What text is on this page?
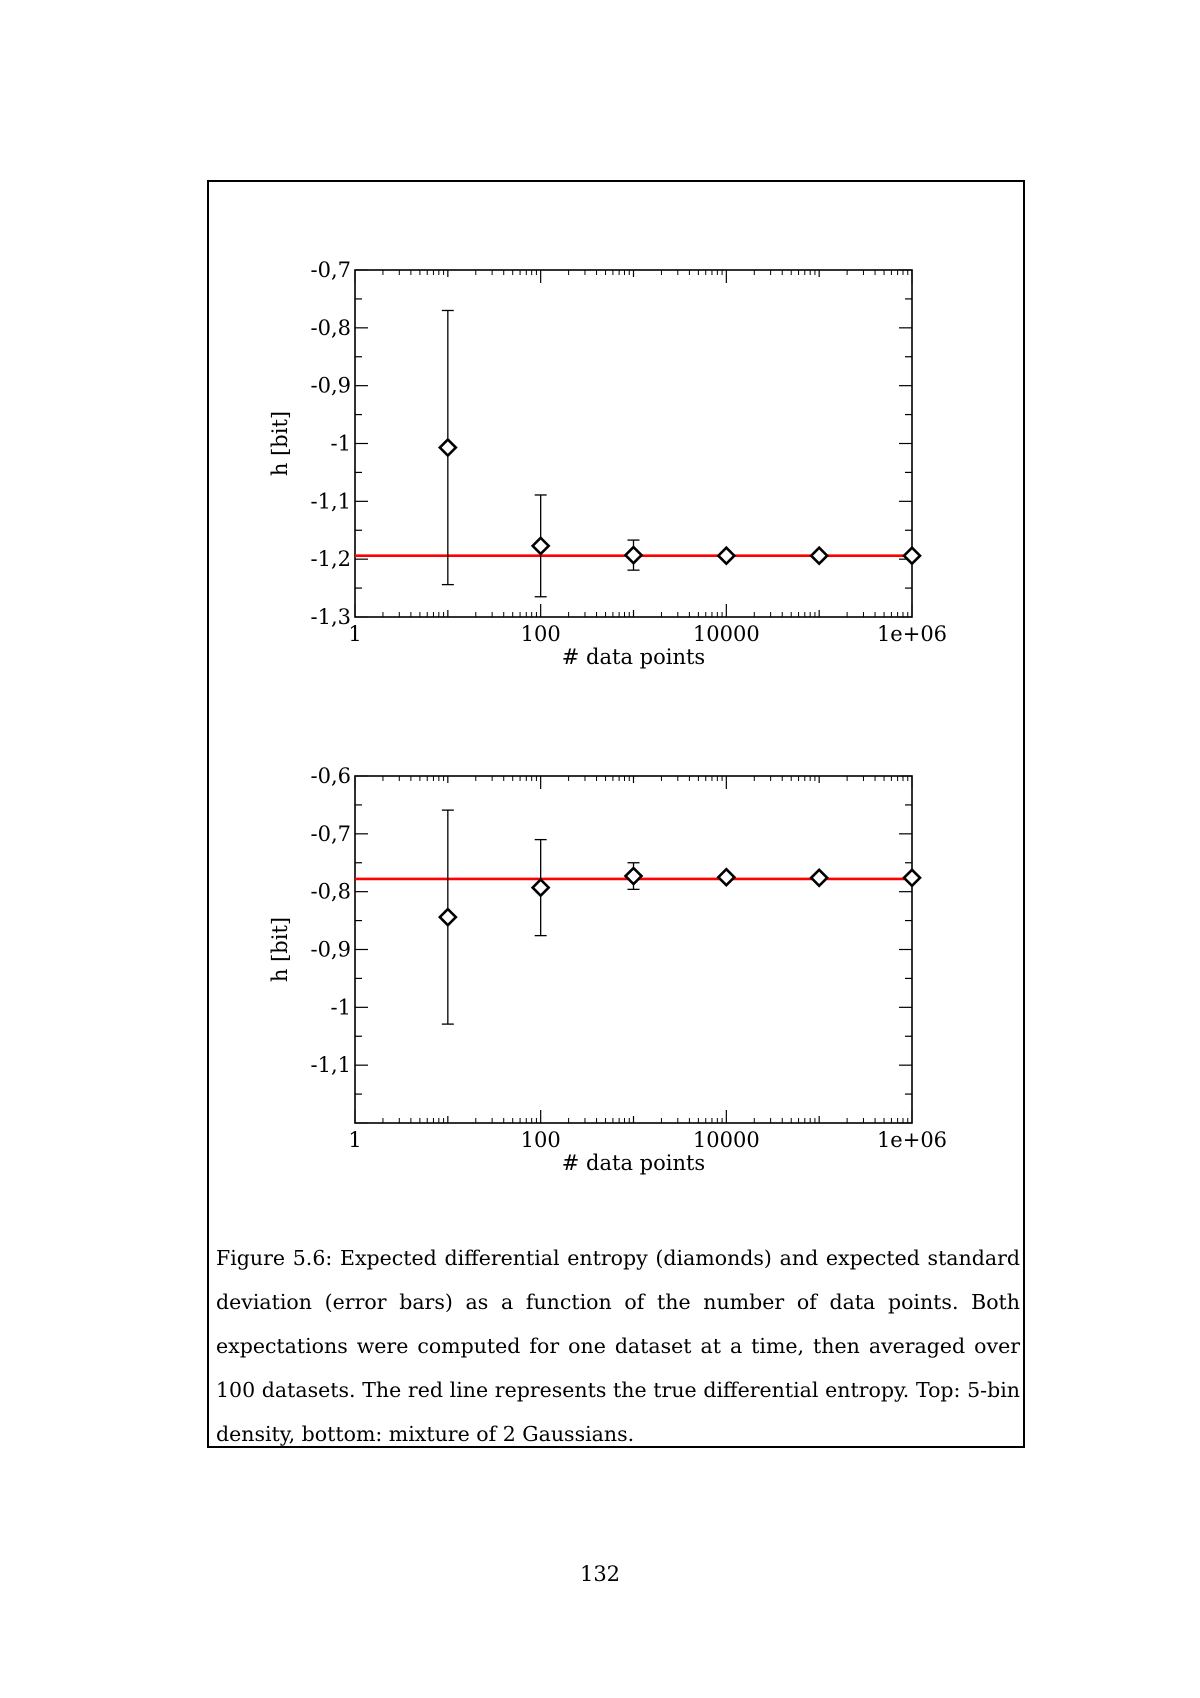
1	100	10000	1e+06
-0,7
-0,8
-0,9
-1
-1,1
-1,2
-1,3
# data points
h [bit]
1	100	10000	1e+06
-0,6
-0,7
-0,8
-0,9
-1
-1,1
# data points
h [bit]

Figure 5.6: Expected differential entropy (diamonds) and expected standard deviation (error bars) as a function of the number of data points. Both expectations were computed for one dataset at a time, then averaged over 100 datasets. The red line represents the true differential entropy. Top: 5-bin density, bottom: mixture of 2 Gaussians.

132
